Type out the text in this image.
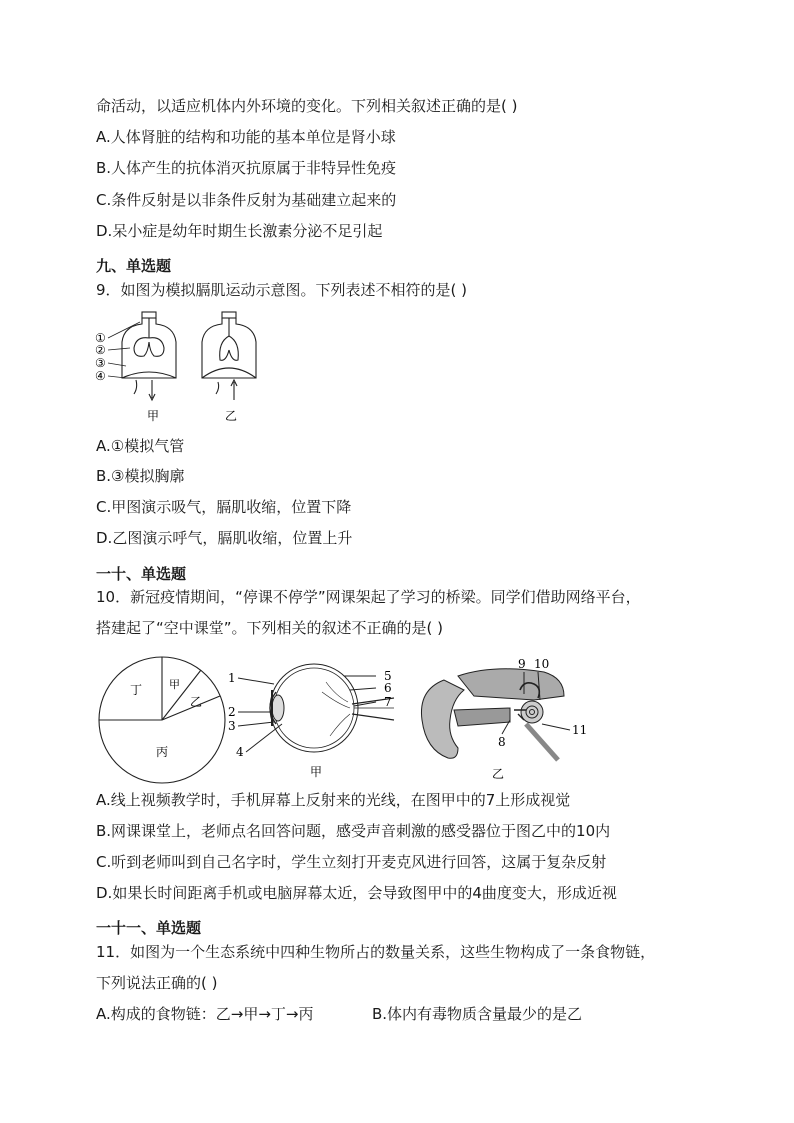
命活动，以适应机体内外环境的变化。下列相关叙述正确的是( )
A.人体肾脏的结构和功能的基本单位是肾小球
B.人体产生的抗体消灭抗原属于非特异性免疫
C.条件反射是以非条件反射为基础建立起来的
D.呆小症是幼年时期生长激素分泌不足引起
九、单选题
9．如图为模拟膈肌运动示意图。下列表述不相符的是( )
①
②
③
④
甲	乙
A.①模拟气管
B.③模拟胸廓
C.甲图演示吸气，膈肌收缩，位置下降
D.乙图演示呼气，膈肌收缩，位置上升
一十、单选题
10．新冠疫情期间，“停课不停学”网课架起了学习的桥梁。同学们借助网络平台，
搭建起了“空中课堂”。下列相关的叙述不正确的是( )
丁 甲
乙
丙
1
2
3
4
5
6
7
甲
9 10
11
8
乙
A.线上视频教学时，手机屏幕上反射来的光线，在图甲中的7上形成视觉
B.网课课堂上，老师点名回答问题，感受声音刺激的感受器位于图乙中的10内
C.听到老师叫到自己名字时，学生立刻打开麦克风进行回答，这属于复杂反射
D.如果长时间距离手机或电脑屏幕太近，会导致图甲中的4曲度变大，形成近视
一十一、单选题
11．如图为一个生态系统中四种生物所占的数量关系，这些生物构成了一条食物链，
下列说法正确的( )
A.构成的食物链：乙→甲→丁→丙	B.体内有毒物质含量最少的是乙
